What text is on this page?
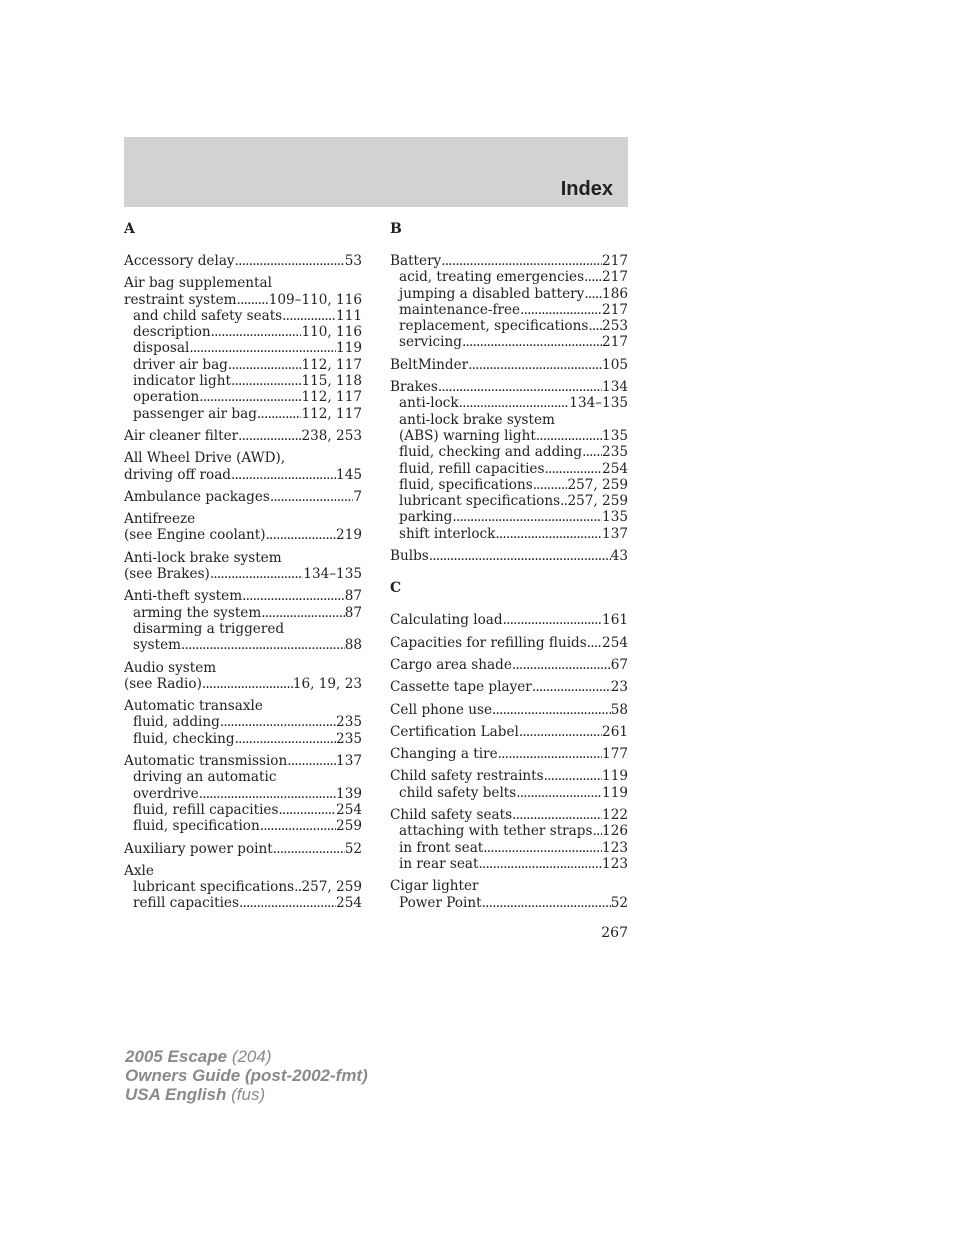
Index
A
Accessory delay .....	53
Air bag supplemental
restraint system ..... 109–110, 116
and child safety seats .....	111
description .....	110, 116
disposal .....	119
driver air bag .....	112, 117
indicator light .....	115, 118
operation .....	112, 117
passenger air bag .....	112, 117
Air cleaner filter .....	238, 253
All Wheel Drive (AWD),
driving off road .....	145
Ambulance packages .....	7
Antifreeze
(see Engine coolant) .....	219
Anti-lock brake system
(see Brakes) .....	134–135
Anti-theft system .....	87
arming the system .....	87
disarming a triggered
system .....	88
Audio system
(see Radio) .....	16, 19, 23
Automatic transaxle
fluid, adding .....	235
fluid, checking .....	235
Automatic transmission .....	137
driving an automatic
overdrive .....	139
fluid, refill capacities .....	254
fluid, specification .....	259
Auxiliary power point .....	52
Axle
lubricant specifications ..... 257, 259
refill capacities .....	254
B
Battery .....	217
acid, treating emergencies ..... 217
jumping a disabled battery ..... 186
maintenance-free .....	217
replacement, specifications ..... 253
servicing .....	217
BeltMinder .....	105
Brakes .....	134
anti-lock .....	134–135
anti-lock brake system
(ABS) warning light .....	135
fluid, checking and adding ..... 235
fluid, refill capacities .....	254
fluid, specifications .....	257, 259
lubricant specifications ..... 257, 259
parking .....	135
shift interlock .....	137
Bulbs .....	43
C
Calculating load .....	161
Capacities for refilling fluids ..... 254
Cargo area shade .....	67
Cassette tape player .....	23
Cell phone use .....	58
Certification Label .....	261
Changing a tire .....	177
Child safety restraints .....	119
child safety belts .....	119
Child safety seats .....	122
attaching with tether straps ..... 126
in front seat .....	123
in rear seat .....	123
Cigar lighter
Power Point .....	52
267
2005 Escape (204)
Owners Guide (post-2002-fmt)
USA English (fus)
